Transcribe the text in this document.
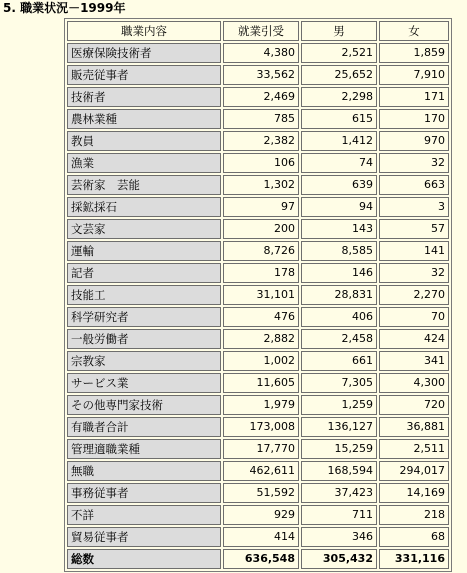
5. 職業状況－1999年
職業内容	就業引受	男	女
医療保険技術者	4,380	2,521	1,859
販売従事者	33,562	25,652	7,910
技術者	2,469	2,298	171
農林業種	785	615	170
教員	2,382	1,412	970
漁業	106	74	32
芸術家　芸能	1,302	639	663
採鉱採石	97	94	3
文芸家	200	143	57
運輸	8,726	8,585	141
記者	178	146	32
技能工	31,101	28,831	2,270
科学研究者	476	406	70
一般労働者	2,882	2,458	424
宗教家	1,002	661	341
サービス業	11,605	7,305	4,300
その他専門家技術	1,979	1,259	720
有職者合計	173,008	136,127	36,881
管理適職業種	17,770	15,259	2,511
無職	462,611	168,594	294,017
事務従事者	51,592	37,423	14,169
不詳	929	711	218
貿易従事者	414	346	68
総数	636,548	305,432	331,116
